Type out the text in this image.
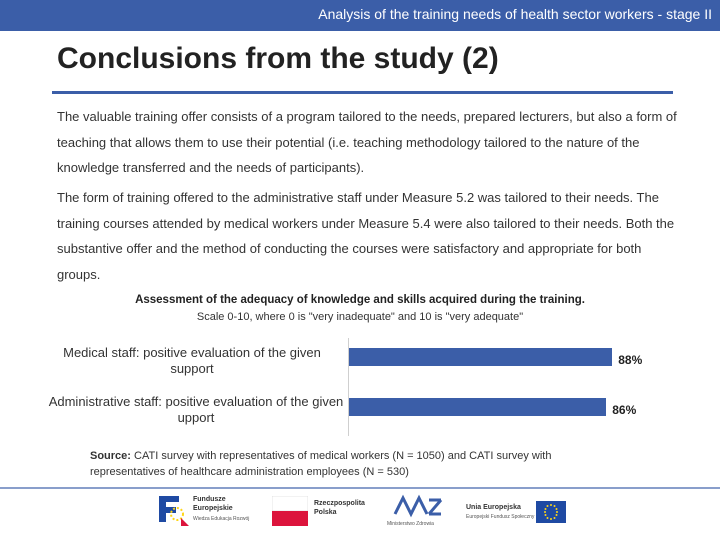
Analysis of the training needs of health sector workers - stage II
Conclusions from the study (2)

The valuable training offer consists of a program tailored to the needs, prepared lecturers, but also a form of teaching that allows them to use their potential (i.e. teaching methodology tailored to the nature of the knowledge transferred and the needs of participants).

The form of training offered to the administrative staff under Measure 5.2 was tailored to their needs. The training courses attended by medical workers under Measure 5.4 were also tailored to their needs. Both the substantive offer and the method of conducting the courses were satisfactory and appropriate for both groups.

Assessment of the adequacy of knowledge and skills acquired during the training.
Scale 0-10, where 0 is "very inadequate" and 10 is "very adequate"
Medical staff: positive evaluation of the given support
88%
Administrative staff: positive evaluation of the given upport	86%

Source: CATI survey with representatives of medical workers (N = 1050) and CATI survey with representatives of healthcare administration employees (N = 530)

Fundusze
Europejskie
Wiedza Edukacja Rozwój
Rzeczpospolita
Polska
Ministerstwo Zdrowia
Unia Europejska
Europejski Fundusz Społeczny
